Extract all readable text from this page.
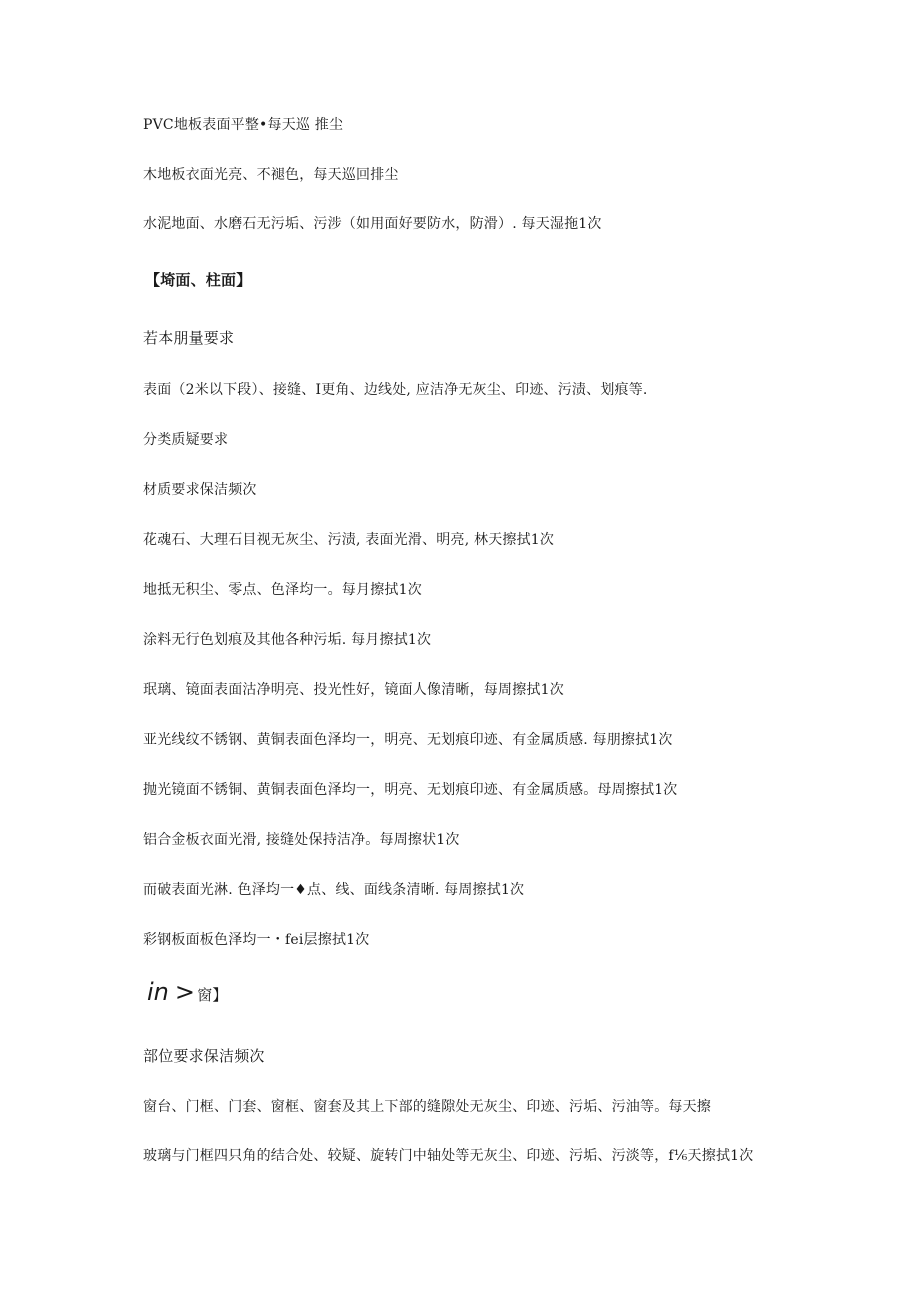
PVC地板表面平整•每天巡 推尘
木地板衣面光亮、不褪色，每天巡回排尘
水泥地面、水磨石无污垢、污涉（如用面好要防水，防滑）. 每天湿拖1次
【埼面、柱面】
若本朋量要求
表面（2米以下段）、接缝、I更角、边线处, 应洁净无灰尘、印迹、污渍、划痕等.
分类质疑要求
材质要求保洁频次
花魂石、大理石目视无灰尘、污渍, 表面光滑、明亮, 林天擦拭1次
地抵无积尘、零点、色泽均一。每月擦拭1次
涂料无行色划痕及其他各种污垢. 每月擦拭1次
珉璃、镜面表面沽净明亮、投光性好，镜面人像清晰，每周擦拭1次
亚光线纹不锈钢、黄铜表面色泽均一，明亮、无划痕印迹、有金属质感. 每朋擦拭1次
抛光镜面不锈铜、黄铜表面色泽均一，明亮、无划痕印迹、有金属质感。母周擦拭1次
铝合金板衣面光滑, 接缝处保持洁净。每周擦状1次
而破表面光淋. 色泽均一♦点、线、面线条清晰. 每周擦拭1次
彩钢板面板色泽均一・fei层擦拭1次
in > 窗】
部位要求保洁频次
窗台、门框、门套、窗框、窗套及其上下部的缝隙处无灰尘、印迹、污垢、污油等。每天擦
玻璃与门框四只角的结合处、较疑、旋转门中轴处等无灰尘、印迹、污垢、污淡等，f⅙天擦拭1次
